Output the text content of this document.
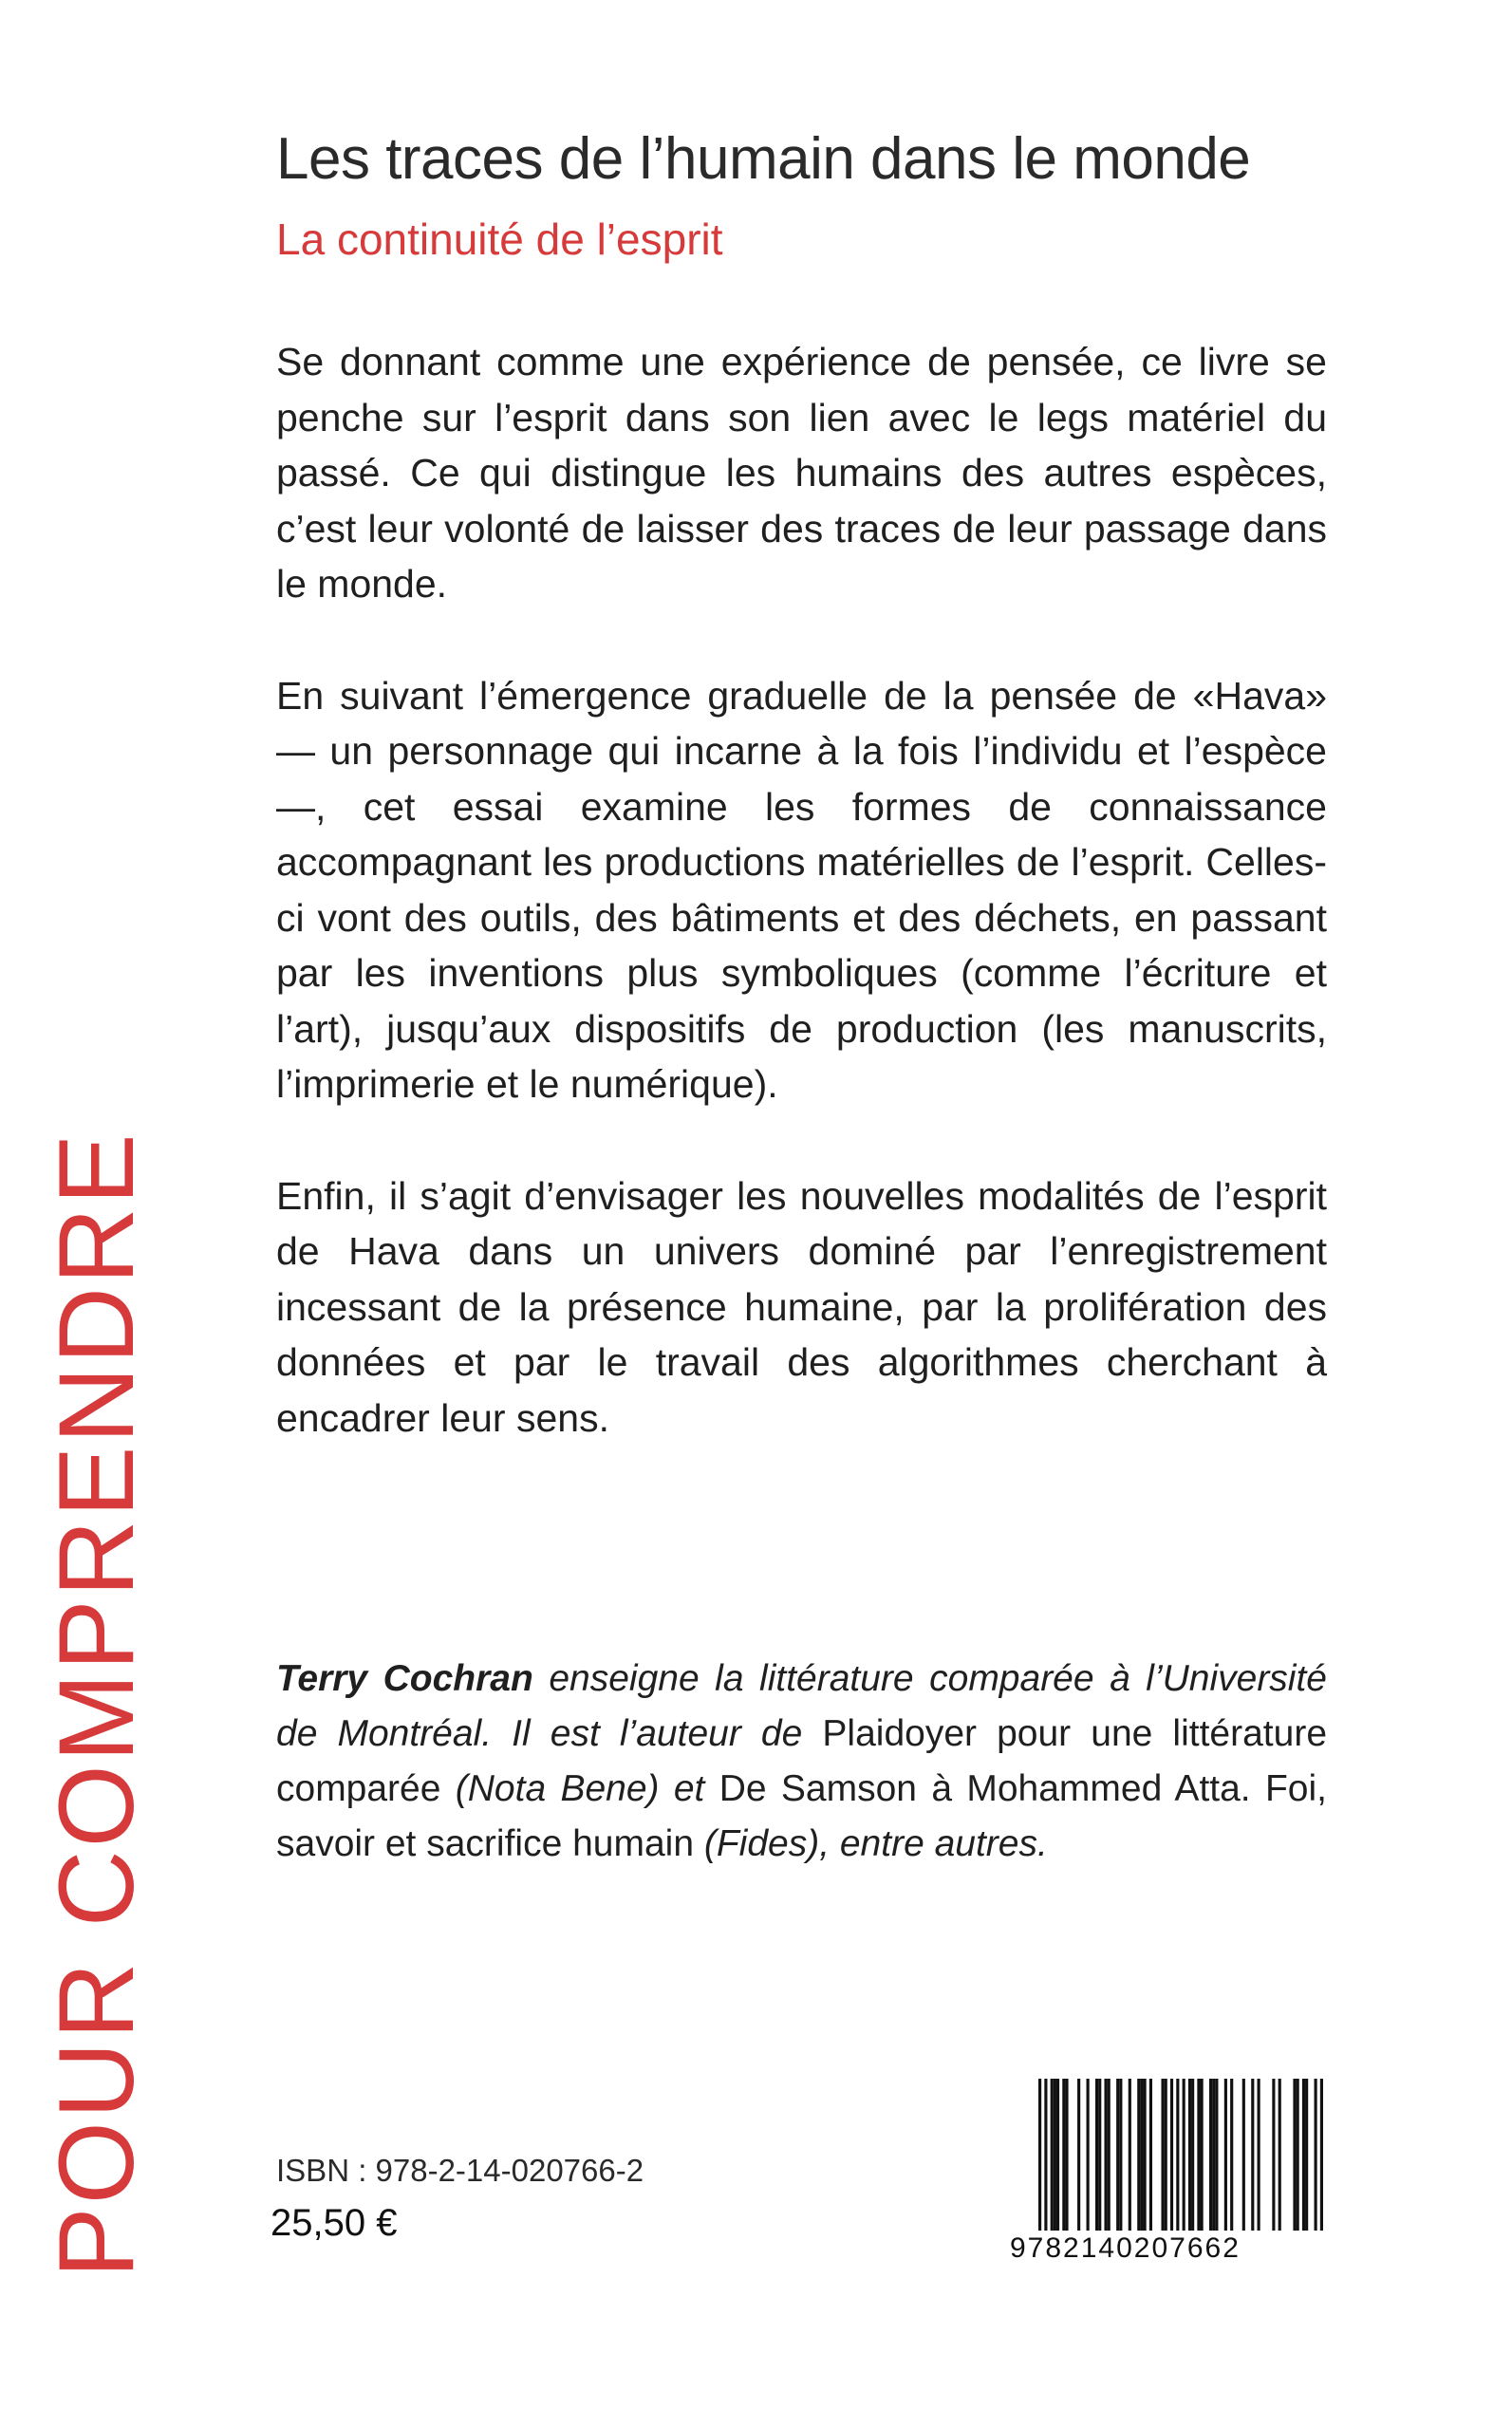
POUR COMPRENDRE
Les traces de l’humain dans le monde
La continuité de l’esprit

Se donnant comme une expérience de pensée, ce livre se penche sur l’esprit dans son lien avec le legs matériel du passé. Ce qui distingue les humains des autres espèces, c’est leur volonté de laisser des traces de leur passage dans le monde.

En suivant l’émergence graduelle de la pensée de «Hava» — un personnage qui incarne à la fois l’individu et l’espèce —, cet essai examine les formes de connaissance accompagnant les productions matérielles de l’esprit. Celles-ci vont des outils, des bâtiments et des déchets, en passant par les inventions plus symboliques (comme l’écriture et l’art), jusqu’aux dispositifs de production (les manuscrits, l’imprimerie et le numérique).

Enfin, il s’agit d’envisager les nouvelles modalités de l’esprit de Hava dans un univers dominé par l’enregistrement incessant de la présence humaine, par la prolifération des données et par le travail des algorithmes cherchant à encadrer leur sens.

Terry Cochran enseigne la littérature comparée à l’Université de Montréal. Il est l’auteur de Plaidoyer pour une littérature comparée (Nota Bene) et De Samson à Mohammed Atta. Foi, savoir et sacrifice humain (Fides), entre autres.
ISBN : 978-2-14-020766-2
25,50 €
9782140207662
